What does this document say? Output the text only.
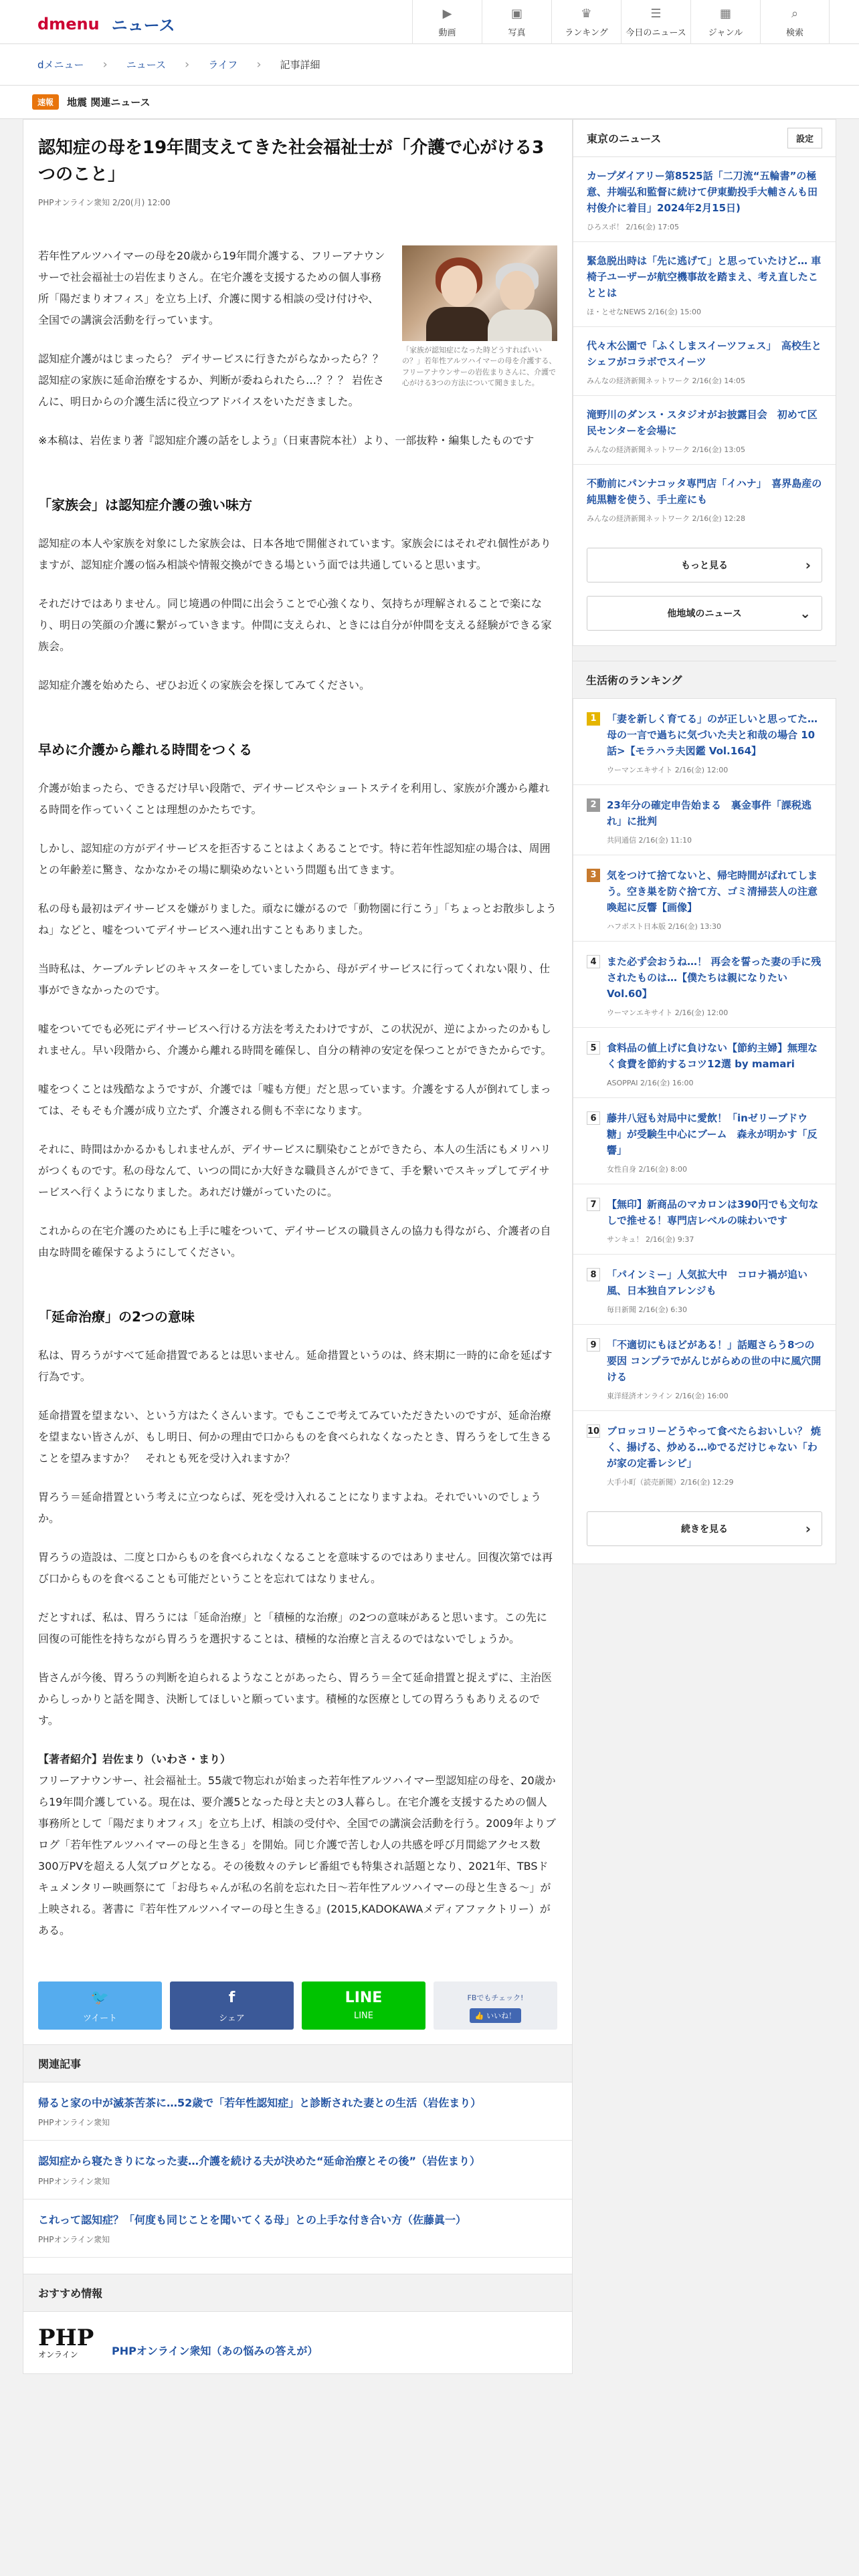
dmenu ニュース
▶
動画
▣
写真
♛
ランキング
☰
今日のニュース
▦
ジャンル
⌕
検索
dメニュー › ニュース › ライフ › 記事詳細
速報	地震 関連ニュース
認知症の母を19年間支えてきた社会福祉士が「介護で心がける3つのこと」
PHPオンライン衆知 2/20(月) 12:00
「家族が認知症になった時どうすればいいの？」若年性アルツハイマーの母を介護する、フリーアナウンサーの岩佐まりさんに、介護で心がける3つの方法について聞きました。

若年性アルツハイマーの母を20歳から19年間介護する、フリーアナウンサーで社会福祉士の岩佐まりさん。在宅介護を支援するための個人事務所「陽だまりオフィス」を立ち上げ、介護に関する相談の受け付けや、全国での講演会活動を行っています。

認知症介護がはじまったら？ デイサービスに行きたがらなかったら？？　認知症の家族に延命治療をするか、判断が委ねられたら…？？？ 岩佐さんに、明日からの介護生活に役立つアドバイスをいただきました。

※本稿は、岩佐まり著『認知症介護の話をしよう』（日東書院本社）より、一部抜粋・編集したものです

「家族会」は認知症介護の強い味方

認知症の本人や家族を対象にした家族会は、日本各地で開催されています。家族会にはそれぞれ個性がありますが、認知症介護の悩み相談や情報交換ができる場という面では共通していると思います。

それだけではありません。同じ境遇の仲間に出会うことで心強くなり、気持ちが理解されることで楽になり、明日の笑顔の介護に繋がっていきます。仲間に支えられ、ときには自分が仲間を支える経験ができる家族会。

認知症介護を始めたら、ぜひお近くの家族会を探してみてください。

早めに介護から離れる時間をつくる

介護が始まったら、できるだけ早い段階で、デイサービスやショートステイを利用し、家族が介護から離れる時間を作っていくことは理想のかたちです。

しかし、認知症の方がデイサービスを拒否することはよくあることです。特に若年性認知症の場合は、周囲との年齢差に驚き、なかなかその場に馴染めないという問題も出てきます。

私の母も最初はデイサービスを嫌がりました。頑なに嫌がるので「動物園に行こう」「ちょっとお散歩しようね」などと、嘘をついてデイサービスへ連れ出すこともありました。

当時私は、ケーブルテレビのキャスターをしていましたから、母がデイサービスに行ってくれない限り、仕事ができなかったのです。

嘘をついてでも必死にデイサービスへ行ける方法を考えたわけですが、この状況が、逆によかったのかもしれません。早い段階から、介護から離れる時間を確保し、自分の精神の安定を保つことができたからです。

嘘をつくことは残酷なようですが、介護では「嘘も方便」だと思っています。介護をする人が倒れてしまっては、そもそも介護が成り立たず、介護される側も不幸になります。

それに、時間はかかるかもしれませんが、デイサービスに馴染むことができたら、本人の生活にもメリハリがつくものです。私の母なんて、いつの間にか大好きな職員さんができて、手を繋いでスキップしてデイサービスへ行くようになりました。あれだけ嫌がっていたのに。

これからの在宅介護のためにも上手に嘘をついて、デイサービスの職員さんの協力も得ながら、介護者の自由な時間を確保するようにしてください。

「延命治療」の2つの意味

私は、胃ろうがすべて延命措置であるとは思いません。延命措置というのは、終末期に一時的に命を延ばす行為です。

延命措置を望まない、という方はたくさんいます。でもここで考えてみていただきたいのですが、延命治療を望まない皆さんが、もし明日、何かの理由で口からものを食べられなくなったとき、胃ろうをして生きることを望みますか？　それとも死を受け入れますか？

胃ろう＝延命措置という考えに立つならば、死を受け入れることになりますよね。それでいいのでしょうか。

胃ろうの造設は、二度と口からものを食べられなくなることを意味するのではありません。回復次第では再び口からものを食べることも可能だということを忘れてはなりません。

だとすれば、私は、胃ろうには「延命治療」と「積極的な治療」の2つの意味があると思います。この先に回復の可能性を持ちながら胃ろうを選択することは、積極的な治療と言えるのではないでしょうか。

皆さんが今後、胃ろうの判断を迫られるようなことがあったら、胃ろう＝全て延命措置と捉えずに、主治医からしっかりと話を聞き、決断してほしいと願っています。積極的な医療としての胃ろうもありえるのです。

【著者紹介】岩佐まり（いわさ・まり）

フリーアナウンサー、社会福祉士。55歳で物忘れが始まった若年性アルツハイマー型認知症の母を、20歳から19年間介護している。現在は、要介護5となった母と夫との3人暮らし。在宅介護を支援するための個人事務所として「陽だまりオフィス」を立ち上げ、相談の受付や、全国での講演会活動を行う。2009年よりブログ「若年性アルツハイマーの母と生きる」を開始。同じ介護で苦しむ人の共感を呼び月間総アクセス数300万PVを超える人気ブログとなる。その後数々のテレビ番組でも特集され話題となり、2021年、TBSドキュメンタリー映画祭にて「お母ちゃんが私の名前を忘れた日〜若年性アルツハイマーの母と生きる〜」が上映される。著書に『若年性アルツハイマーの母と生きる』(2015,KADOKAWAメディアファクトリー）がある。

🐦
ツイート
f
シェア
LINE
LINE
FBでもチェック!
👍 いいね！
関連記事
帰ると家の中が滅茶苦茶に…52歳で「若年性認知症」と診断された妻との生活（岩佐まり）
PHPオンライン衆知
認知症から寝たきりになった妻…介護を続ける夫が決めた“延命治療とその後”（岩佐まり）
PHPオンライン衆知
これって認知症？「何度も同じことを聞いてくる母」との上手な付き合い方（佐藤眞一）
PHPオンライン衆知
おすすめ情報
PHP
オンライン	PHPオンライン衆知（あの悩みの答えが）
東京のニュース	設定
カープダイアリー第8525話「二刀流“五輪書”の極意、井端弘和監督に続けて伊東勤投手大輔さんも田村俊介に着目」2024年2月15日)
ひろスポ！ 2/16(金) 17:05
緊急脱出時は「先に逃げて」と思っていたけど… 車椅子ユーザーが航空機事故を踏まえ、考え直したこととは
ほ・とせなNEWS 2/16(金) 15:00
代々木公園で「ふくしまスイーツフェス」　高校生とシェフがコラボでスイーツ
みんなの経済新聞ネットワーク 2/16(金) 14:05
滝野川のダンス・スタジオがお披露目会　初めて区民センターを会場に
みんなの経済新聞ネットワーク 2/16(金) 13:05
不動前にパンナコッタ専門店「イハナ」　喜界島産の純黒糖を使う、手土産にも
みんなの経済新聞ネットワーク 2/16(金) 12:28
もっと見る	›
他地域のニュース	⌄
生活術のランキング
1	「妻を新しく育てる」のが正しいと思ってた…母の一言で過ちに気づいた夫と和哉の場合 10話>【モラハラ夫図鑑 Vol.164】
ウーマンエキサイト 2/16(金) 12:00
2	23年分の確定申告始まる　裏金事件「課税逃れ」に批判
共同通信 2/16(金) 11:10
3	気をつけて捨てないと、帰宅時間がばれてしまう。空き巣を防ぐ捨て方、ゴミ清掃芸人の注意喚起に反響【画像】
ハフポスト日本版 2/16(金) 13:30
4	また必ず会おうね…！ 再会を誓った妻の手に残されたものは…【僕たちは親になりたい Vol.60】
ウーマンエキサイト 2/16(金) 12:00
5	食料品の値上げに負けない【節約主婦】無理なく食費を節約するコツ12選 by mamari
ASOPPAI 2/16(金) 16:00
6	藤井八冠も対局中に愛飲！「inゼリーブドウ糖」が受験生中心にブーム　森永が明かす「反響」
女性自身 2/16(金) 8:00
7	【無印】新商品のマカロンは390円でも文句なしで推せる！専門店レベルの味わいです
サンキュ！ 2/16(金) 9:37
8	「パインミー」人気拡大中　コロナ禍が追い風、日本独自アレンジも
毎日新聞 2/16(金) 6:30
9	「不適切にもほどがある！」話題さらう8つの要因 コンプラでがんじがらめの世の中に風穴開ける
東洋経済オンライン 2/16(金) 16:00
10 ブロッコリーどうやって食べたらおいしい？ 焼く、揚げる、炒める…ゆでるだけじゃない「わが家の定番レシピ」
大手小町（読売新聞）2/16(金) 12:29
続きを見る	›
